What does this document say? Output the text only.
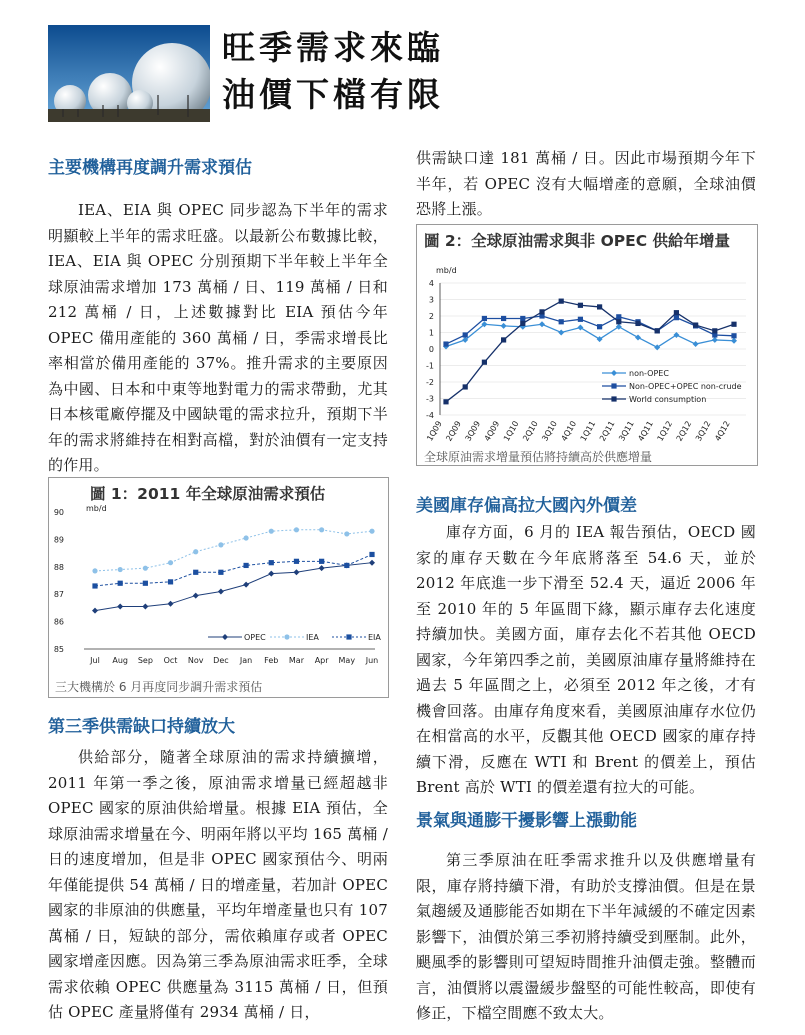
旺季需求來臨
油價下檔有限
主要機構再度調升需求預估

IEA、EIA 與 OPEC 同步認為下半年的需求明顯較上半年的需求旺盛。以最新公布數據比較，IEA、EIA 與 OPEC 分別預期下半年較上半年全球原油需求增加 173 萬桶 / 日、119 萬桶 / 日和 212 萬桶 / 日，上述數據對比 EIA 預估今年 OPEC 備用產能的 360 萬桶 / 日，季需求增長比率相當於備用產能的 37%。推升需求的主要原因為中國、日本和中東等地對電力的需求帶動，尤其日本核電廠停擺及中國缺電的需求拉升，預期下半年的需求將維持在相對高檔，對於油價有一定支持的作用。

圖 1：2011 年全球原油需求預估
mb/d
90
89
88
87
86
85
Jul Aug Sep Oct Nov Dec Jan Feb Mar Apr May Jun
OPEC	IEA	EIA
三大機構於 6 月再度同步調升需求預估
第三季供需缺口持續放大

供給部分，隨著全球原油的需求持續擴增，2011 年第一季之後，原油需求增量已經超越非 OPEC 國家的原油供給增量。根據 EIA 預估，全球原油需求增量在今、明兩年將以平均 165 萬桶 / 日的速度增加，但是非 OPEC 國家預估今、明兩年僅能提供 54 萬桶 / 日的增產量，若加計 OPEC 國家的非原油的供應量，平均年增產量也只有 107 萬桶 / 日，短缺的部分，需依賴庫存或者 OPEC 國家增產因應。因為第三季為原油需求旺季，全球需求依賴 OPEC 供應量為 3115 萬桶 / 日，但預估 OPEC 產量將僅有 2934 萬桶 / 日，

供需缺口達 181 萬桶 / 日。因此市場預期今年下半年，若 OPEC 沒有大幅增產的意願，全球油價恐將上漲。

圖 2：全球原油需求與非 OPEC 供給年增量
mb/d
4
3
2
1
0
-1
-2
-3
-4
1Q09 2Q09 3Q09 4Q09 1Q10 2Q10 3Q10 4Q10 1Q11 2Q11 3Q11 4Q11 1Q12 2Q12 3Q12 4Q12
non-OPEC
Non-OPEC+OPEC non-crude
World consumption
全球原油需求增量預估將持續高於供應增量
美國庫存偏高拉大國內外價差

庫存方面，6 月的 IEA 報告預估，OECD 國家的庫存天數在今年底將落至 54.6 天，並於 2012 年底進一步下滑至 52.4 天，逼近 2006 年至 2010 年的 5 年區間下緣，顯示庫存去化速度持續加快。美國方面，庫存去化不若其他 OECD 國家，今年第四季之前，美國原油庫存量將維持在過去 5 年區間之上，必須至 2012 年之後，才有機會回落。由庫存角度來看，美國原油庫存水位仍在相當高的水平，反觀其他 OECD 國家的庫存持續下滑，反應在 WTI 和 Brent 的價差上，預估 Brent 高於 WTI 的價差還有拉大的可能。

景氣與通膨干擾影響上漲動能

第三季原油在旺季需求推升以及供應增量有限，庫存將持續下滑，有助於支撐油價。但是在景氣趨緩及通膨能否如期在下半年減緩的不確定因素影響下，油價於第三季初將持續受到壓制。此外，颶風季的影響則可望短時間推升油價走強。整體而言，油價將以震盪緩步盤堅的可能性較高，即使有修正，下檔空間應不致太大。
